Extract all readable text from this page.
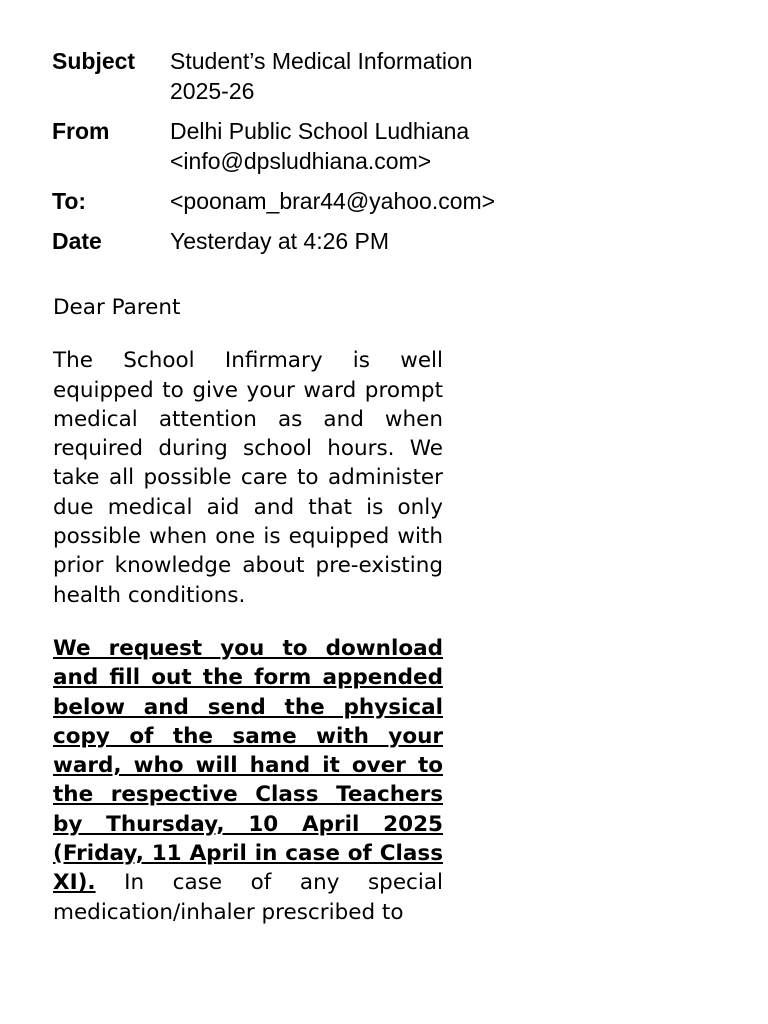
Subject	Student’s Medical Information
2025-26
From	Delhi Public School Ludhiana
<info@dpsludhiana.com>
To:	<poonam_brar44@yahoo.com>
Date	Yesterday at 4:26 PM

Dear Parent

The School Infirmary is well equipped to give your ward prompt medical attention as and when required during school hours. We take all possible care to administer due medical aid and that is only possible when one is equipped with prior knowledge about pre-existing health conditions.

We request you to download and fill out the form appended below and send the physical copy of the same with your ward, who will hand it over to the respective Class Teachers by Thursday, 10 April 2025 (Friday, 11 April in case of Class XI). In case of any special medication/inhaler prescribed to
